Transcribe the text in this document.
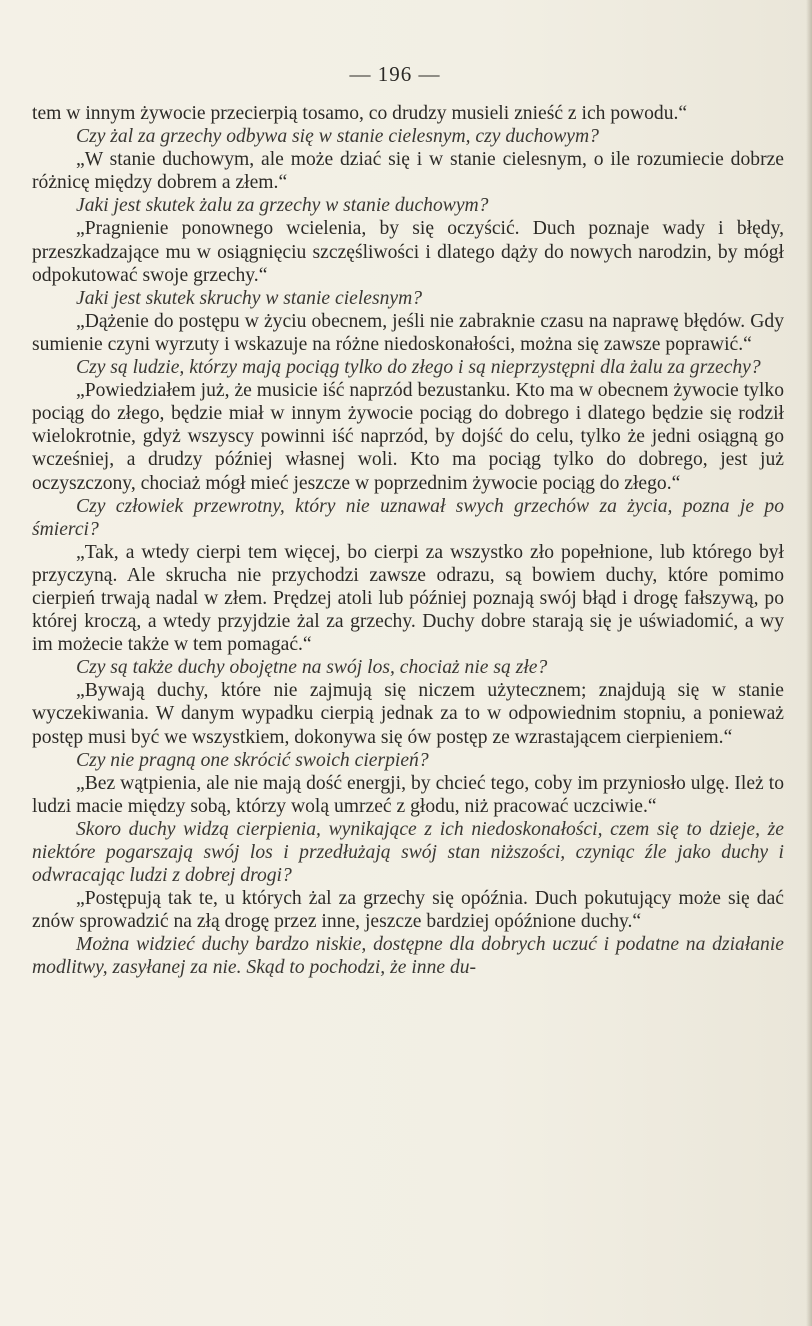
— 196 —

tem w innym żywocie przecierpią tosamo, co drudzy musieli znieść z ich powodu.“

Czy żal za grzechy odbywa się w stanie cielesnym, czy duchowym?

„W stanie duchowym, ale może dziać się i w stanie cielesnym, o ile rozumiecie dobrze różnicę między dobrem a złem.“

Jaki jest skutek żalu za grzechy w stanie duchowym?

„Pragnienie ponownego wcielenia, by się oczyścić. Duch poznaje wady i błędy, przeszkadzające mu w osiągnięciu szczęśliwości i dlatego dąży do nowych narodzin, by mógł odpokutować swoje grzechy.“

Jaki jest skutek skruchy w stanie cielesnym?

„Dążenie do postępu w życiu obecnem, jeśli nie zabraknie czasu na naprawę błędów. Gdy sumienie czyni wyrzuty i wskazuje na różne niedoskonałości, można się zawsze poprawić.“

Czy są ludzie, którzy mają pociąg tylko do złego i są nieprzystępni dla żalu za grzechy?

„Powiedziałem już, że musicie iść naprzód bezustanku. Kto ma w obecnem żywocie tylko pociąg do złego, będzie miał w innym żywocie pociąg do dobrego i dlatego będzie się rodził wielokrotnie, gdyż wszyscy powinni iść naprzód, by dojść do celu, tylko że jedni osiągną go wcześniej, a drudzy później własnej woli. Kto ma pociąg tylko do dobrego, jest już oczyszczony, chociaż mógł mieć jeszcze w poprzednim żywocie pociąg do złego.“

Czy człowiek przewrotny, który nie uznawał swych grzechów za życia, pozna je po śmierci?

„Tak, a wtedy cierpi tem więcej, bo cierpi za wszystko zło popełnione, lub którego był przyczyną. Ale skrucha nie przychodzi zawsze odrazu, są bowiem duchy, które pomimo cierpień trwają nadal w złem. Prędzej atoli lub później poznają swój błąd i drogę fałszywą, po której kroczą, a wtedy przyjdzie żal za grzechy. Duchy dobre starają się je uświadomić, a wy im możecie także w tem pomagać.“

Czy są także duchy obojętne na swój los, chociaż nie są złe?

„Bywają duchy, które nie zajmują się niczem użytecznem; znajdują się w stanie wyczekiwania. W danym wypadku cierpią jednak za to w odpowiednim stopniu, a ponieważ postęp musi być we wszystkiem, dokonywa się ów postęp ze wzrastającem cierpieniem.“

Czy nie pragną one skrócić swoich cierpień?

„Bez wątpienia, ale nie mają dość energji, by chcieć tego, coby im przyniosło ulgę. Ileż to ludzi macie między sobą, którzy wolą umrzeć z głodu, niż pracować uczciwie.“

Skoro duchy widzą cierpienia, wynikające z ich niedoskonałości, czem się to dzieje, że niektóre pogarszają swój los i przedłużają swój stan niższości, czyniąc źle jako duchy i odwracając ludzi z dobrej drogi?

„Postępują tak te, u których żal za grzechy się opóźnia. Duch pokutujący może się dać znów sprowadzić na złą drogę przez inne, jeszcze bardziej opóźnione duchy.“

Można widzieć duchy bardzo niskie, dostępne dla dobrych uczuć i podatne na działanie modlitwy, zasyłanej za nie. Skąd to pochodzi, że inne du-
